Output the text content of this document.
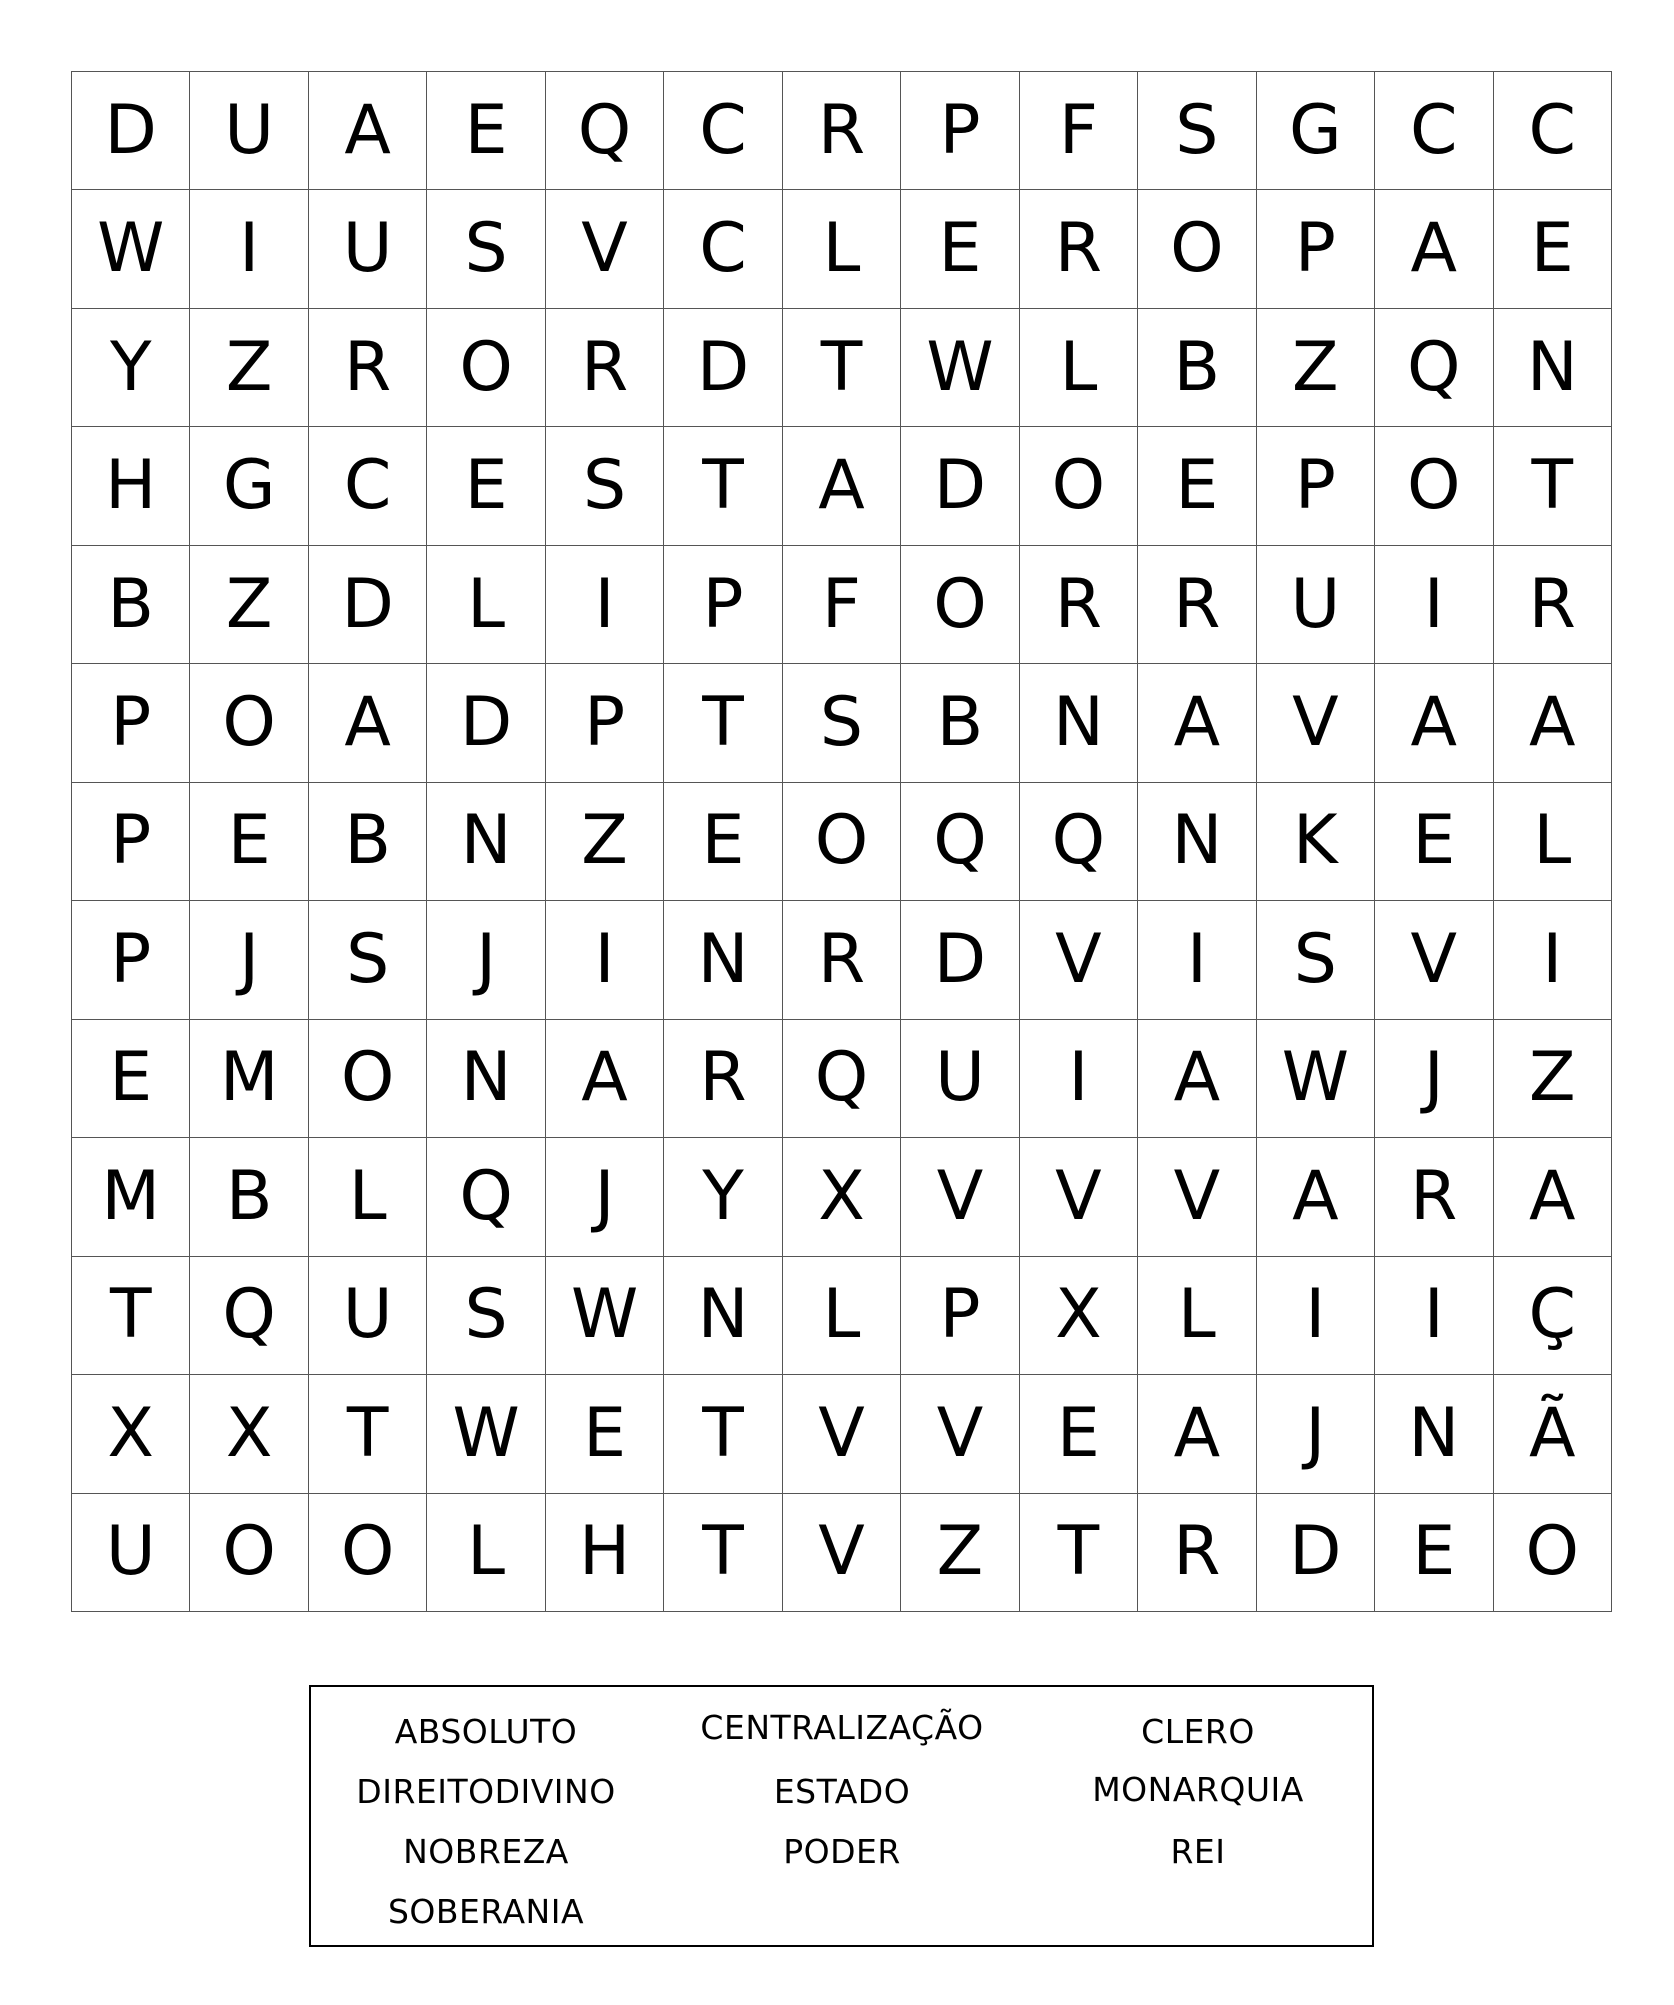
D U	A	E	Q C	R	P	F	S	G	C	C
W	I	U	S	V	C	L	E	R	O	P	A	E
Y	Z	R	O	R	D	T W L	B	Z	Q N
H G	C	E	S	T	A	D O	E	P	O	T
B	Z	D	L	I	P	F	O	R	R	U	I	R
P	O	A	D	P	T	S	B	N	A	V	A	A
P	E	B	N	Z	E	O Q Q N	K	E	L
P	J	S	J	I	N	R	D	V	I	S	V	I
E M O N	A	R	Q U	I	A W	J	Z
M B	L	Q	J	Y	X	V	V	V	A	R	A
T	Q U	S W N	L	P	X	L	I	I	Ç
X	X	T W E	T	V	V	E	A	J	N	Ã
U O O	L	H	T	V	Z	T	R	D	E	O
ABSOLUTO	CENTRALIZAÇÃO	CLERO
DIREITODIVINO	ESTADO	MONARQUIA
NOBREZA	PODER	REI
SOBERANIA
